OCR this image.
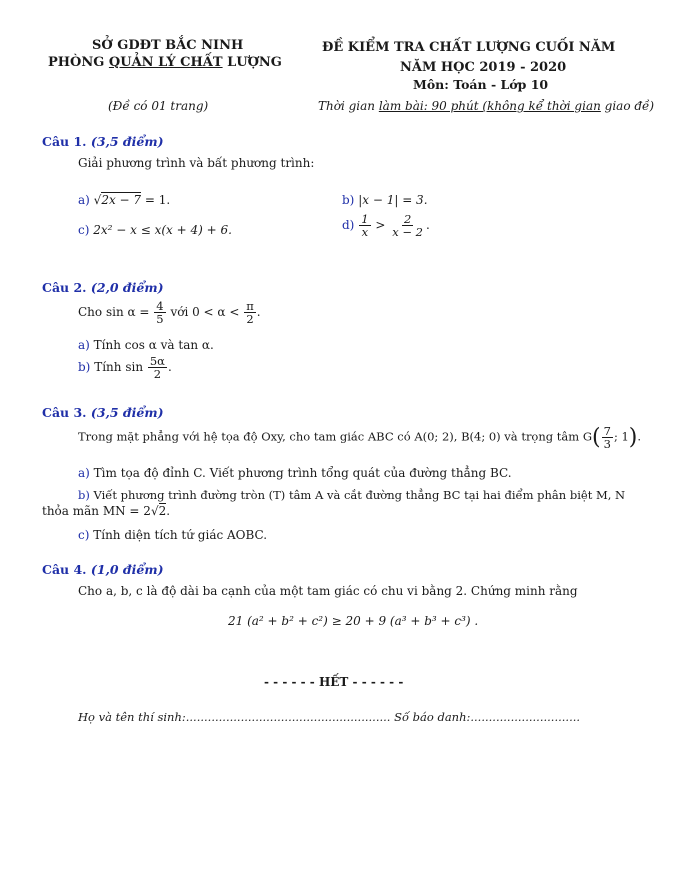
SỞ GDĐT BẮC NINH
PHÒNG QUẢN LÝ CHẤT LƯỢNG
ĐỀ KIỂM TRA CHẤT LƯỢNG CUỐI NĂM
NĂM HỌC 2019 - 2020
Môn: Toán - Lớp 10
(Đề có 01 trang)	Thời gian làm bài: 90 phút (không kể thời gian giao đề)
Câu 1. (3,5 điểm)
Giải phương trình và bất phương trình:
a) √2x − 7 = 1.	b) |x − 1| = 3.
c) 2x² − x ≤ x(x + 4) + 6.	$d) \frac{1}{x} > \frac{2}{x - 2}$ .
Câu 2. (2,0 điểm)
Cho $\sin \alpha = \frac{4}{5}$ với $0 < \alpha < \frac{\pi}{2}$ .
a) Tính cos α và tan α.
b) Tính $\sin \frac{5\alpha}{2}$ .
Câu 3. (3,5 điểm)
Trong mặt phẳng với hệ tọa độ Oxy, cho tam giác ABC có A(0; 2), B(4; 0) và trọng tâm $G( \frac{7}{3}$ ; 1).
a) Tìm tọa độ đỉnh C. Viết phương trình tổng quát của đường thẳng BC.
b) Viết phương trình đường tròn (T) tâm A và cắt đường thẳng BC tại hai điểm phân biệt M, N
thỏa mãn MN = 2√2.
c) Tính diện tích tứ giác AOBC.
Câu 4. (1,0 điểm)
Cho a, b, c là độ dài ba cạnh của một tam giác có chu vi bằng 2. Chứng minh rằng
21 (a² + b² + c²) ≥ 20 + 9 (a³ + b³ + c³) .
- - - - - - HẾT - - - - - -
Họ và tên thí sinh:........................................................ Số báo danh:..............................
